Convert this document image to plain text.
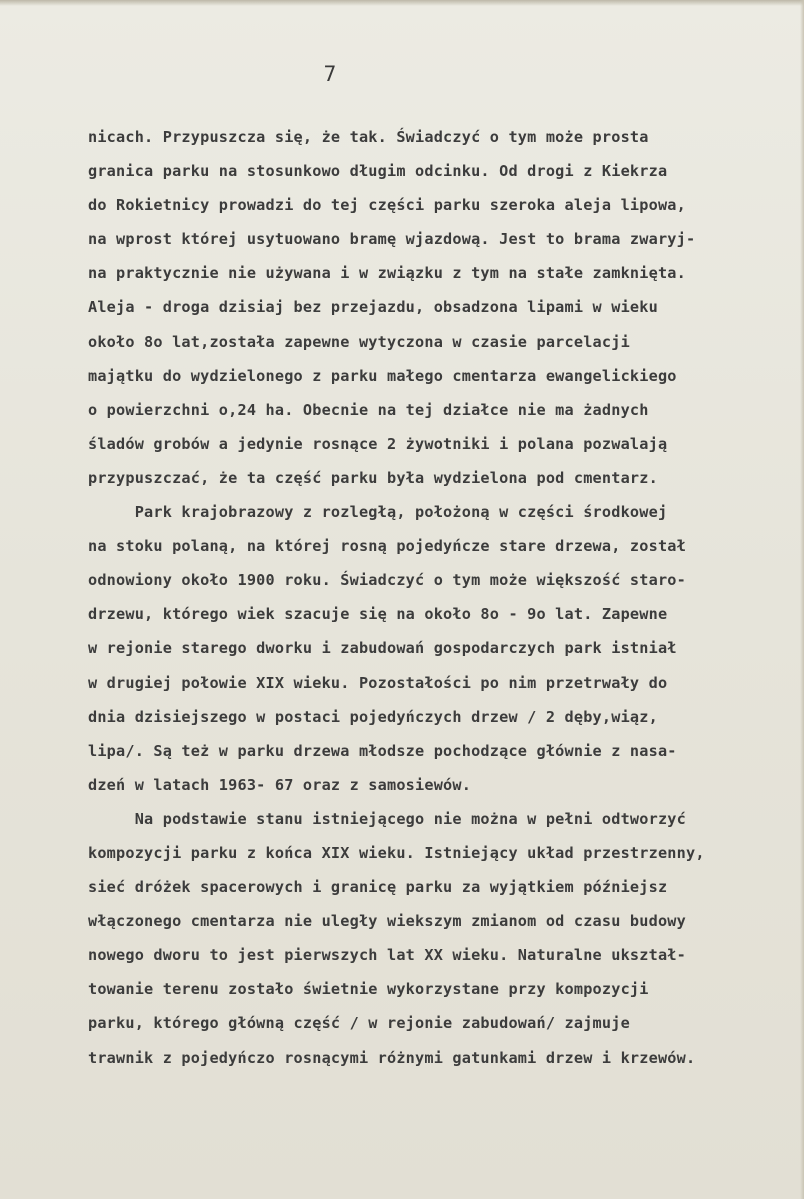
7
nicach. Przypuszcza się, że tak. Świadczyć o tym może prosta
granica parku na stosunkowo długim odcinku. Od drogi z Kiekrza
do Rokietnicy prowadzi do tej części parku szeroka aleja lipowa,
na wprost której usytuowano bramę wjazdową. Jest to brama zwaryj-
na praktycznie nie używana i w związku z tym na stałe zamknięta.
Aleja - droga dzisiaj bez przejazdu, obsadzona lipami w wieku
około 8o lat,została zapewne wytyczona w czasie parcelacji
majątku do wydzielonego z parku małego cmentarza ewangelickiego
o powierzchni o,24 ha. Obecnie na tej działce nie ma żadnych
śladów grobów a jedynie rosnące 2 żywotniki i polana pozwalają
przypuszczać, że ta część parku była wydzielona pod cmentarz.
Park krajobrazowy z rozległą, położoną w części środkowej
na stoku polaną, na której rosną pojedyńcze stare drzewa, został
odnowiony około 1900 roku. Świadczyć o tym może większość staro-
drzewu, którego wiek szacuje się na około 8o - 9o lat. Zapewne
w rejonie starego dworku i zabudowań gospodarczych park istniał
w drugiej połowie XIX wieku. Pozostałości po nim przetrwały do
dnia dzisiejszego w postaci pojedyńczych drzew / 2 dęby,wiąz,
lipa/. Są też w parku drzewa młodsze pochodzące głównie z nasa-
dzeń w latach 1963- 67 oraz z samosiewów.
Na podstawie stanu istniejącego nie można w pełni odtworzyć
kompozycji parku z końca XIX wieku. Istniejący układ przestrzenny,
sieć dróżek spacerowych i granicę parku za wyjątkiem późniejsz
włączonego cmentarza nie uległy wiekszym zmianom od czasu budowy
nowego dworu to jest pierwszych lat XX wieku. Naturalne ukształ-
towanie terenu zostało świetnie wykorzystane przy kompozycji
parku, którego główną część / w rejonie zabudowań/ zajmuje
trawnik z pojedyńczo rosnącymi różnymi gatunkami drzew i krzewów.
